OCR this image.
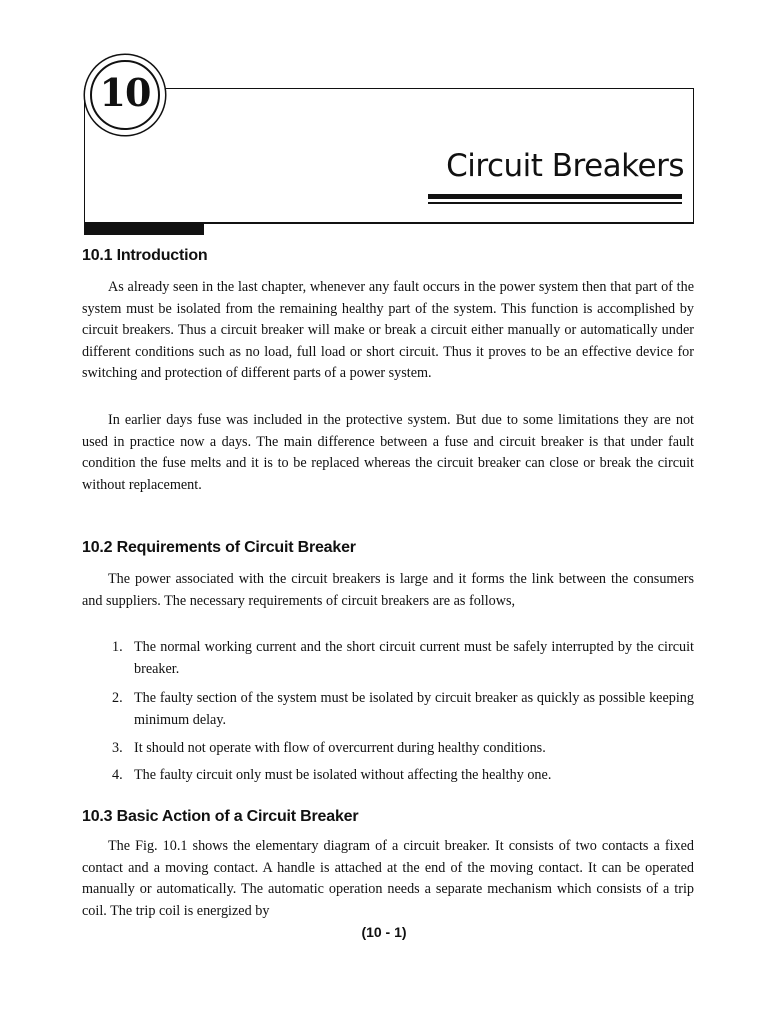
10
Circuit Breakers
10.1 Introduction

As already seen in the last chapter, whenever any fault occurs in the power system then that part of the system must be isolated from the remaining healthy part of the system. This function is accomplished by circuit breakers. Thus a circuit breaker will make or break a circuit either manually or automatically under different conditions such as no load, full load or short circuit. Thus it proves to be an effective device for switching and protection of different parts of a power system.

In earlier days fuse was included in the protective system. But due to some limitations they are not used in practice now a days. The main difference between a fuse and circuit breaker is that under fault condition the fuse melts and it is to be replaced whereas the circuit breaker can close or break the circuit without replacement.

10.2 Requirements of Circuit Breaker

The power associated with the circuit breakers is large and it forms the link between the consumers and suppliers. The necessary requirements of circuit breakers are as follows,

1. The normal working current and the short circuit current must be safely interrupted by the circuit breaker.
2. The faulty section of the system must be isolated by circuit breaker as quickly as possible keeping minimum delay.
3. It should not operate with flow of overcurrent during healthy conditions.
4. The faulty circuit only must be isolated without affecting the healthy one.
10.3 Basic Action of a Circuit Breaker

The Fig. 10.1 shows the elementary diagram of a circuit breaker. It consists of two contacts a fixed contact and a moving contact. A handle is attached at the end of the moving contact. It can be operated manually or automatically. The automatic operation needs a separate mechanism which consists of a trip coil. The trip coil is energized by

(10 - 1)
